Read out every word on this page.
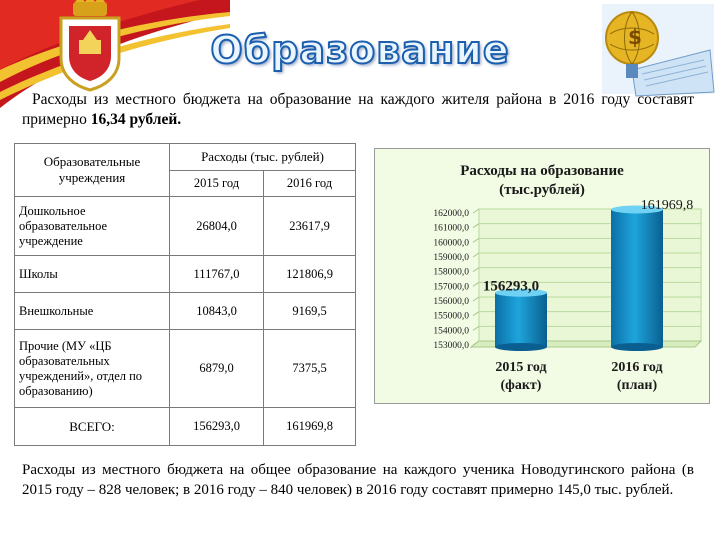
$
Образование
Расходы из местного бюджета на образование на каждого жителя района в 2016 году составят примерно 16,34 рублей.
Образовательные учреждения	Расходы (тыс. рублей)	
	2015 год	2016 год
Дошкольное образовательное учреждение	26804,0	23617,9
Школы	111767,0	121806,9
Внешкольные	10843,0	9169,5
Прочие (МУ «ЦБ образовательных учреждений», отдел по образованию)	6879,0	7375,5
ВСЕГО:	156293,0	161969,8
Расходы на образование
(тыс.рублей)
153000,0
154000,0
155000,0
156000,0
157000,0
158000,0
159000,0
160000,0
161000,0
162000,0
156293,0
161969,8
2015 год
(факт)
2016 год
(план)
Расходы из местного бюджета на общее образование на каждого ученика Новодугинского района (в 2015 году – 828 человек; в 2016 году – 840 человек) в 2016 году составят примерно 145,0 тыс. рублей.
